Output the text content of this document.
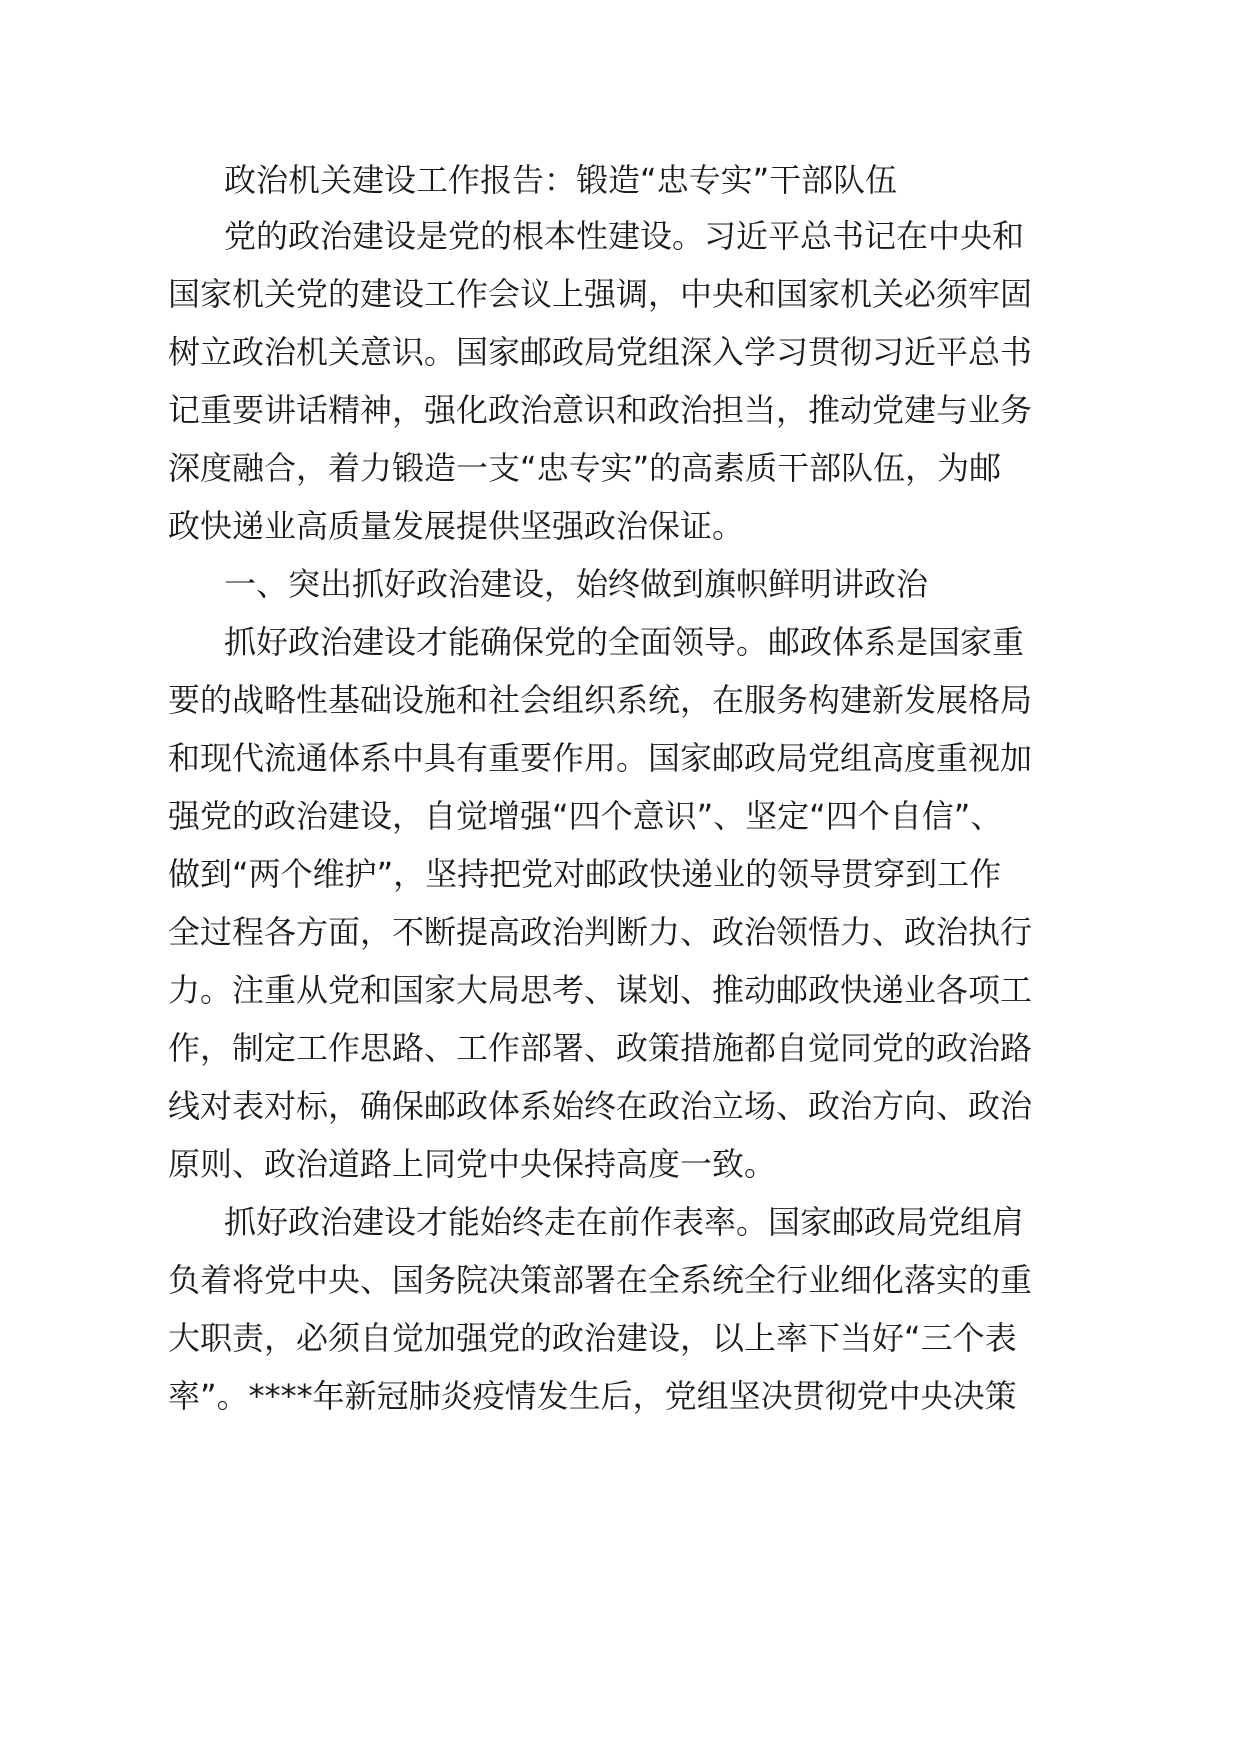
政治机关建设工作报告：锻造“忠专实”干部队伍

党的政治建设是党的根本性建设。习近平总书记在中央和

国家机关党的建设工作会议上强调，中央和国家机关必须牢固

树立政治机关意识。国家邮政局党组深入学习贯彻习近平总书

记重要讲话精神，强化政治意识和政治担当，推动党建与业务

深度融合，着力锻造一支“忠专实”的高素质干部队伍，为邮

政快递业高质量发展提供坚强政治保证。

一、突出抓好政治建设，始终做到旗帜鲜明讲政治

抓好政治建设才能确保党的全面领导。邮政体系是国家重

要的战略性基础设施和社会组织系统，在服务构建新发展格局

和现代流通体系中具有重要作用。国家邮政局党组高度重视加

强党的政治建设，自觉增强“四个意识”、坚定“四个自信”、

做到“两个维护”，坚持把党对邮政快递业的领导贯穿到工作

全过程各方面，不断提高政治判断力、政治领悟力、政治执行

力。注重从党和国家大局思考、谋划、推动邮政快递业各项工

作，制定工作思路、工作部署、政策措施都自觉同党的政治路

线对表对标，确保邮政体系始终在政治立场、政治方向、政治

原则、政治道路上同党中央保持高度一致。

抓好政治建设才能始终走在前作表率。国家邮政局党组肩

负着将党中央、国务院决策部署在全系统全行业细化落实的重

大职责，必须自觉加强党的政治建设，以上率下当好“三个表

率”。****年新冠肺炎疫情发生后，党组坚决贯彻党中央决策
